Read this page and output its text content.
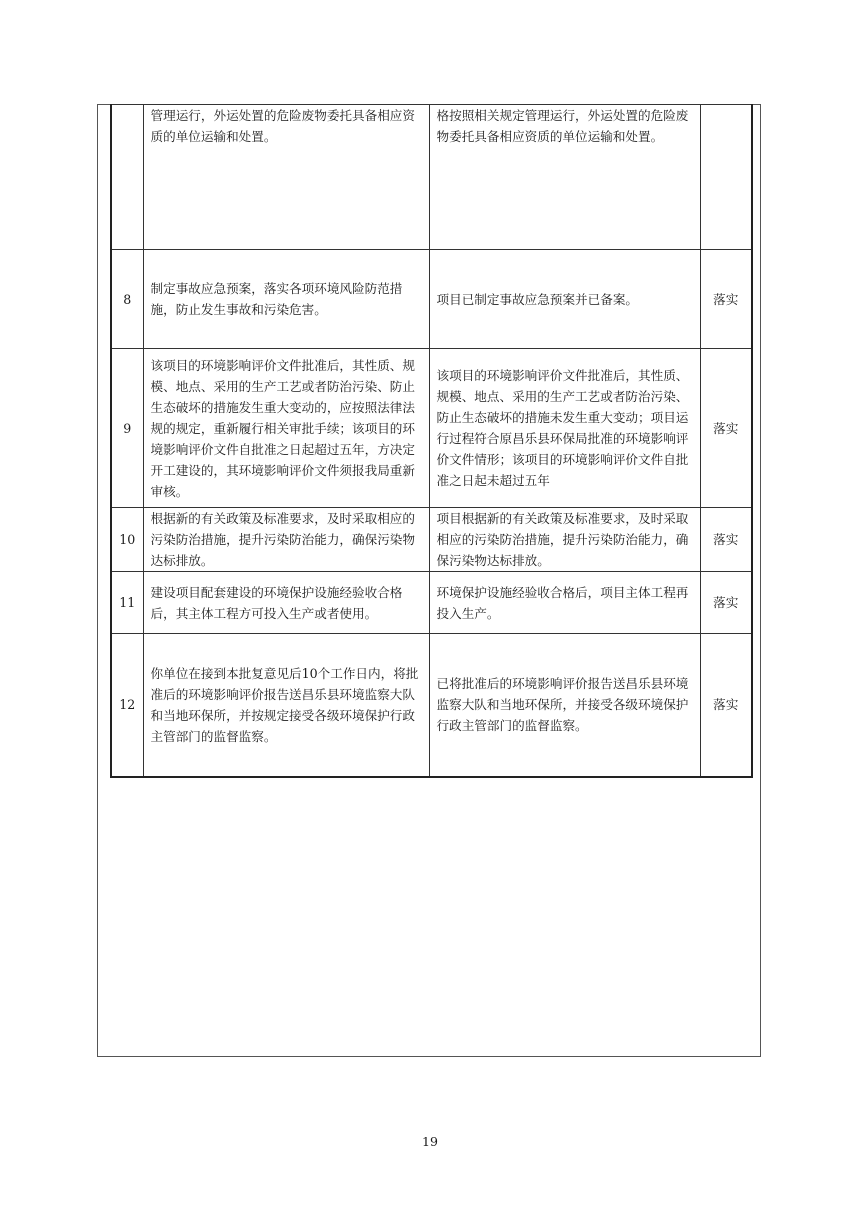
	管理运行，外运处置的危险废物委托具备相应资质的单位运输和处置。	格按照相关规定管理运行，外运处置的危险废物委托具备相应资质的单位运输和处置。	
8	制定事故应急预案，落实各项环境风险防范措施，防止发生事故和污染危害。	项目已制定事故应急预案并已备案。	落实
9	该项目的环境影响评价文件批准后，其性质、规模、地点、采用的生产工艺或者防治污染、防止生态破坏的措施发生重大变动的，应按照法律法规的规定，重新履行相关审批手续；该项目的环境影响评价文件自批准之日起超过五年，方决定开工建设的，其环境影响评价文件须报我局重新审核。	该项目的环境影响评价文件批准后，其性质、规模、地点、采用的生产工艺或者防治污染、防止生态破坏的措施未发生重大变动；项目运行过程符合原昌乐县环保局批准的环境影响评价文件情形；该项目的环境影响评价文件自批准之日起未超过五年	落实
10	根据新的有关政策及标准要求，及时采取相应的污染防治措施，提升污染防治能力，确保污染物达标排放。	项目根据新的有关政策及标准要求，及时采取相应的污染防治措施，提升污染防治能力，确保污染物达标排放。	落实
11	建设项目配套建设的环境保护设施经验收合格后，其主体工程方可投入生产或者使用。	环境保护设施经验收合格后，项目主体工程再投入生产。	落实
12	你单位在接到本批复意见后10个工作日内，将批准后的环境影响评价报告送昌乐县环境监察大队和当地环保所，并按规定接受各级环境保护行政主管部门的监督监察。	已将批准后的环境影响评价报告送昌乐县环境监察大队和当地环保所，并接受各级环境保护行政主管部门的监督监察。	落实
19
